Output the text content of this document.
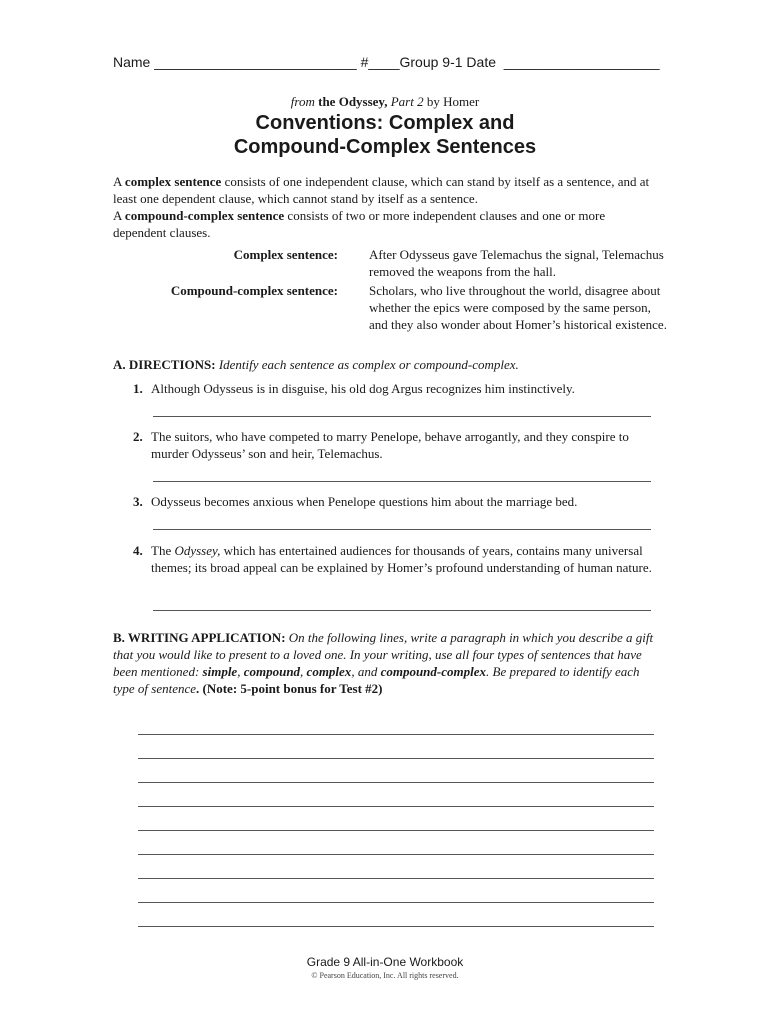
Name __________________________ #____Group 9-1 Date  ____________________
from the Odyssey, Part 2 by Homer
Conventions: Complex and
Compound-Complex Sentences

A complex sentence consists of one independent clause, which can stand by itself as a sentence, and at least one dependent clause, which cannot stand by itself as a sentence.

A compound-complex sentence consists of two or more independent clauses and one or more dependent clauses.

Complex sentence: After Odysseus gave Telemachus the signal, Telemachus removed the weapons from the hall.
Compound-complex sentence: Scholars, who live throughout the world, disagree about whether the epics were composed by the same person, and they also wonder about Homer’s historical existence.
A. DIRECTIONS: Identify each sentence as complex or compound-complex.
1. Although Odysseus is in disguise, his old dog Argus recognizes him instinctively.
2. The suitors, who have competed to marry Penelope, behave arrogantly, and they conspire to murder Odysseus’ son and heir, Telemachus.
3. Odysseus becomes anxious when Penelope questions him about the marriage bed.
4. The Odyssey, which has entertained audiences for thousands of years, contains many universal themes; its broad appeal can be explained by Homer’s profound understanding of human nature.
B. WRITING APPLICATION: On the following lines, write a paragraph in which you describe a gift that you would like to present to a loved one. In your writing, use all four types of sentences that have been mentioned: simple, compound, complex, and compound-complex. Be prepared to identify each type of sentence. (Note: 5-point bonus for Test #2)
Grade 9 All-in-One Workbook
© Pearson Education, Inc. All rights reserved.
